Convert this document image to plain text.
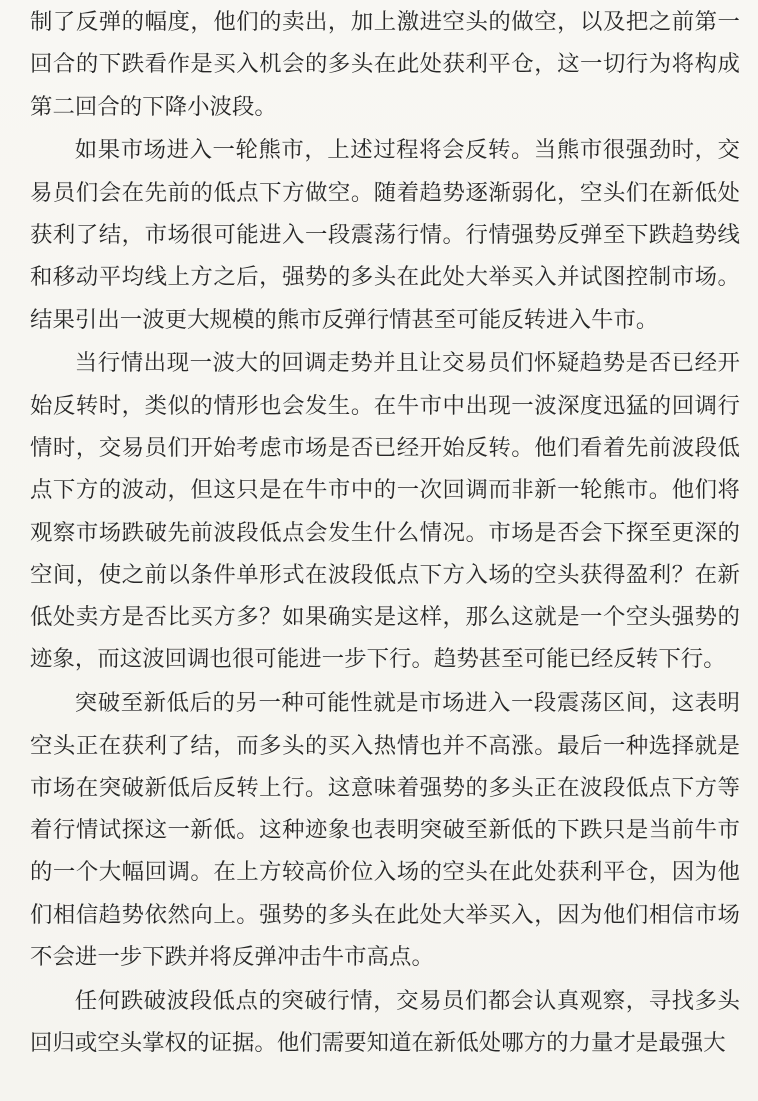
制了反弹的幅度，他们的卖出，加上激进空头的做空，以及把之前第一回合的下跌看作是买入机会的多头在此处获利平仓，这一切行为将构成第二回合的下降小波段。

如果市场进入一轮熊市，上述过程将会反转。当熊市很强劲时，交易员们会在先前的低点下方做空。随着趋势逐渐弱化，空头们在新低处获利了结，市场很可能进入一段震荡行情。行情强势反弹至下跌趋势线和移动平均线上方之后，强势的多头在此处大举买入并试图控制市场。结果引出一波更大规模的熊市反弹行情甚至可能反转进入牛市。

当行情出现一波大的回调走势并且让交易员们怀疑趋势是否已经开始反转时，类似的情形也会发生。在牛市中出现一波深度迅猛的回调行情时，交易员们开始考虑市场是否已经开始反转。他们看着先前波段低点下方的波动，但这只是在牛市中的一次回调而非新一轮熊市。他们将观察市场跌破先前波段低点会发生什么情况。市场是否会下探至更深的空间，使之前以条件单形式在波段低点下方入场的空头获得盈利？在新低处卖方是否比买方多？如果确实是这样，那么这就是一个空头强势的迹象，而这波回调也很可能进一步下行。趋势甚至可能已经反转下行。

突破至新低后的另一种可能性就是市场进入一段震荡区间，这表明空头正在获利了结，而多头的买入热情也并不高涨。最后一种选择就是市场在突破新低后反转上行。这意味着强势的多头正在波段低点下方等着行情试探这一新低。这种迹象也表明突破至新低的下跌只是当前牛市的一个大幅回调。在上方较高价位入场的空头在此处获利平仓，因为他们相信趋势依然向上。强势的多头在此处大举买入，因为他们相信市场不会进一步下跌并将反弹冲击牛市高点。

任何跌破波段低点的突破行情，交易员们都会认真观察，寻找多头回归或空头掌权的证据。他们需要知道在新低处哪方的力量才是最强大
